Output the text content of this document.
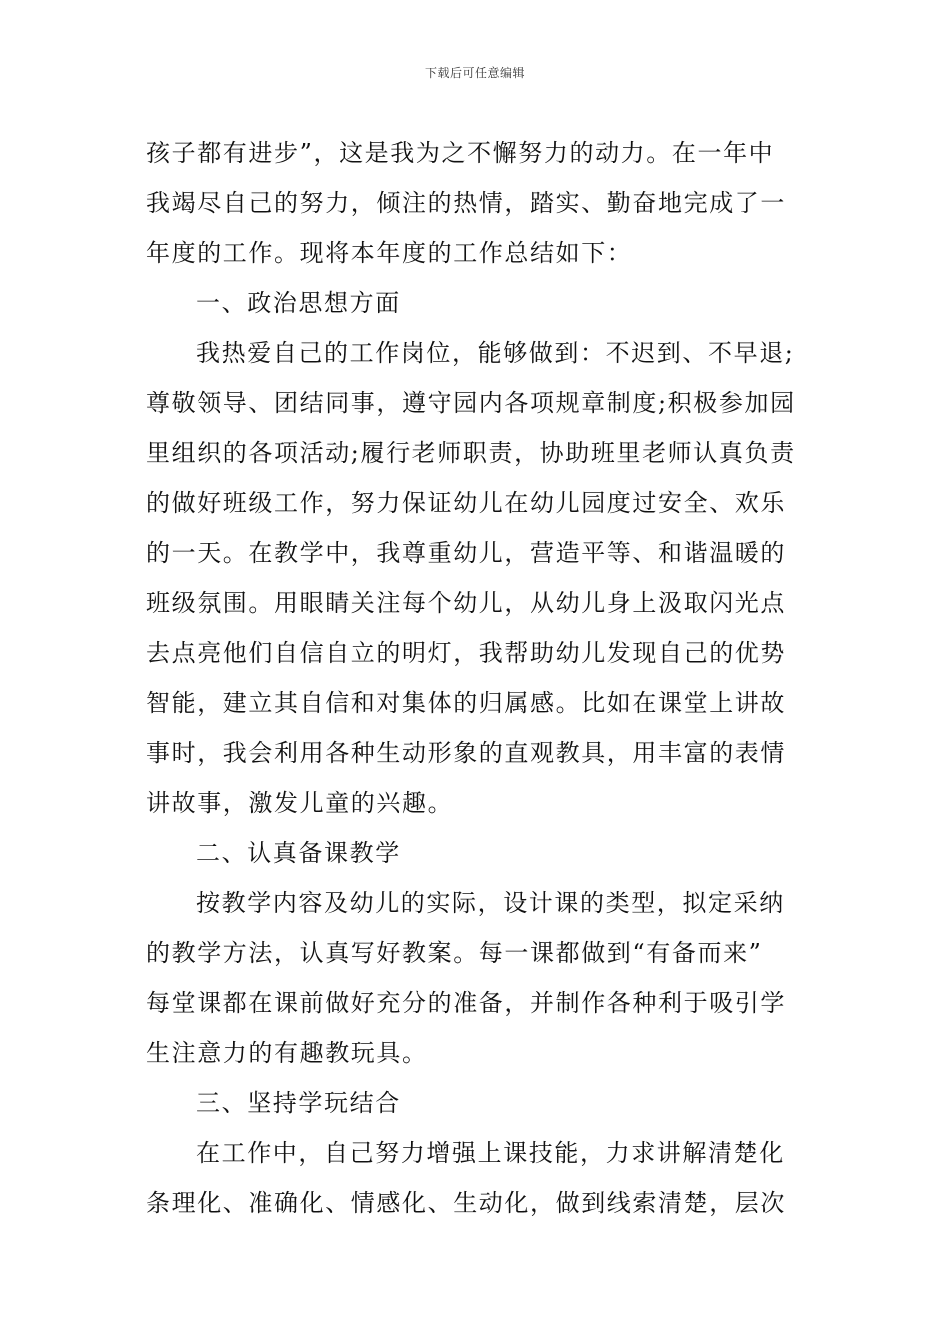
下载后可任意编辑
孩子都有进步”，这是我为之不懈努力的动力。在一年中
我竭尽自己的努力，倾注的热情，踏实、勤奋地完成了一
年度的工作。现将本年度的工作总结如下：
一、政治思想方面
我热爱自己的工作岗位，能够做到：不迟到、不早退;
尊敬领导、团结同事，遵守园内各项规章制度;积极参加园
里组织的各项活动;履行老师职责，协助班里老师认真负责
的做好班级工作，努力保证幼儿在幼儿园度过安全、欢乐
的一天。在教学中，我尊重幼儿，营造平等、和谐温暖的
班级氛围。用眼睛关注每个幼儿，从幼儿身上汲取闪光点
去点亮他们自信自立的明灯，我帮助幼儿发现自己的优势
智能，建立其自信和对集体的归属感。比如在课堂上讲故
事时，我会利用各种生动形象的直观教具，用丰富的表情
讲故事，激发儿童的兴趣。
二、认真备课教学
按教学内容及幼儿的实际，设计课的类型，拟定采纳
的教学方法，认真写好教案。每一课都做到“有备而来”
每堂课都在课前做好充分的准备，并制作各种利于吸引学
生注意力的有趣教玩具。
三、坚持学玩结合
在工作中，自己努力增强上课技能，力求讲解清楚化
条理化、准确化、情感化、生动化，做到线索清楚，层次
